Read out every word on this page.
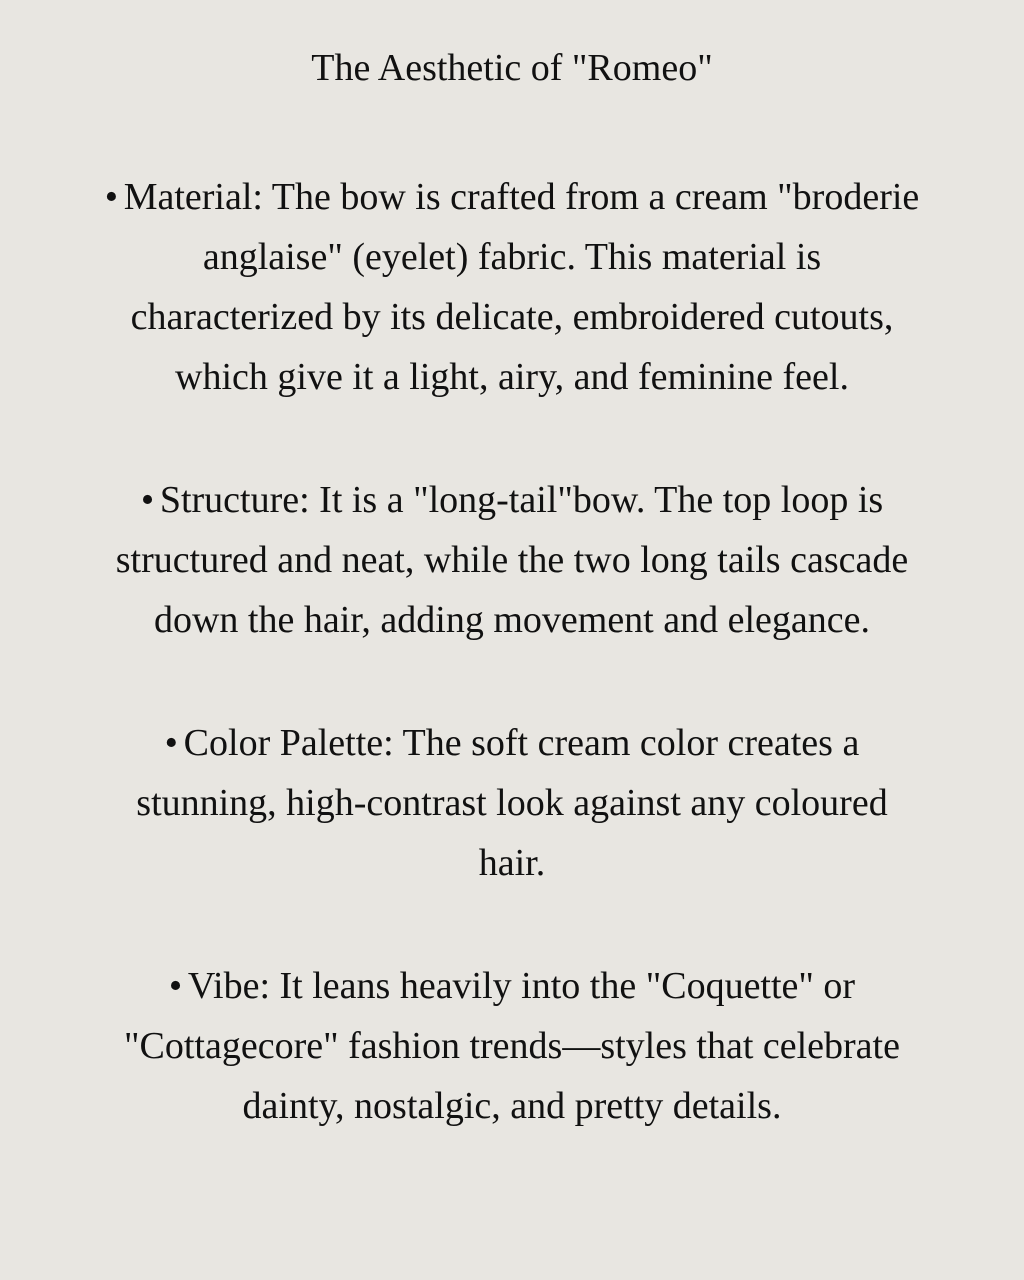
The Aesthetic of "Romeo"
• Material: The bow is crafted from a cream "broderie anglaise" (eyelet) fabric. This material is characterized by its delicate, embroidered cutouts, which give it a light, airy, and feminine feel.
• Structure: It is a "long-tail"bow. The top loop is structured and neat, while the two long tails cascade down the hair, adding movement and elegance.
• Color Palette: The soft cream color creates a stunning, high-contrast look against any coloured hair.
• Vibe: It leans heavily into the "Coquette" or "Cottagecore" fashion trends—styles that celebrate dainty, nostalgic, and pretty details.
